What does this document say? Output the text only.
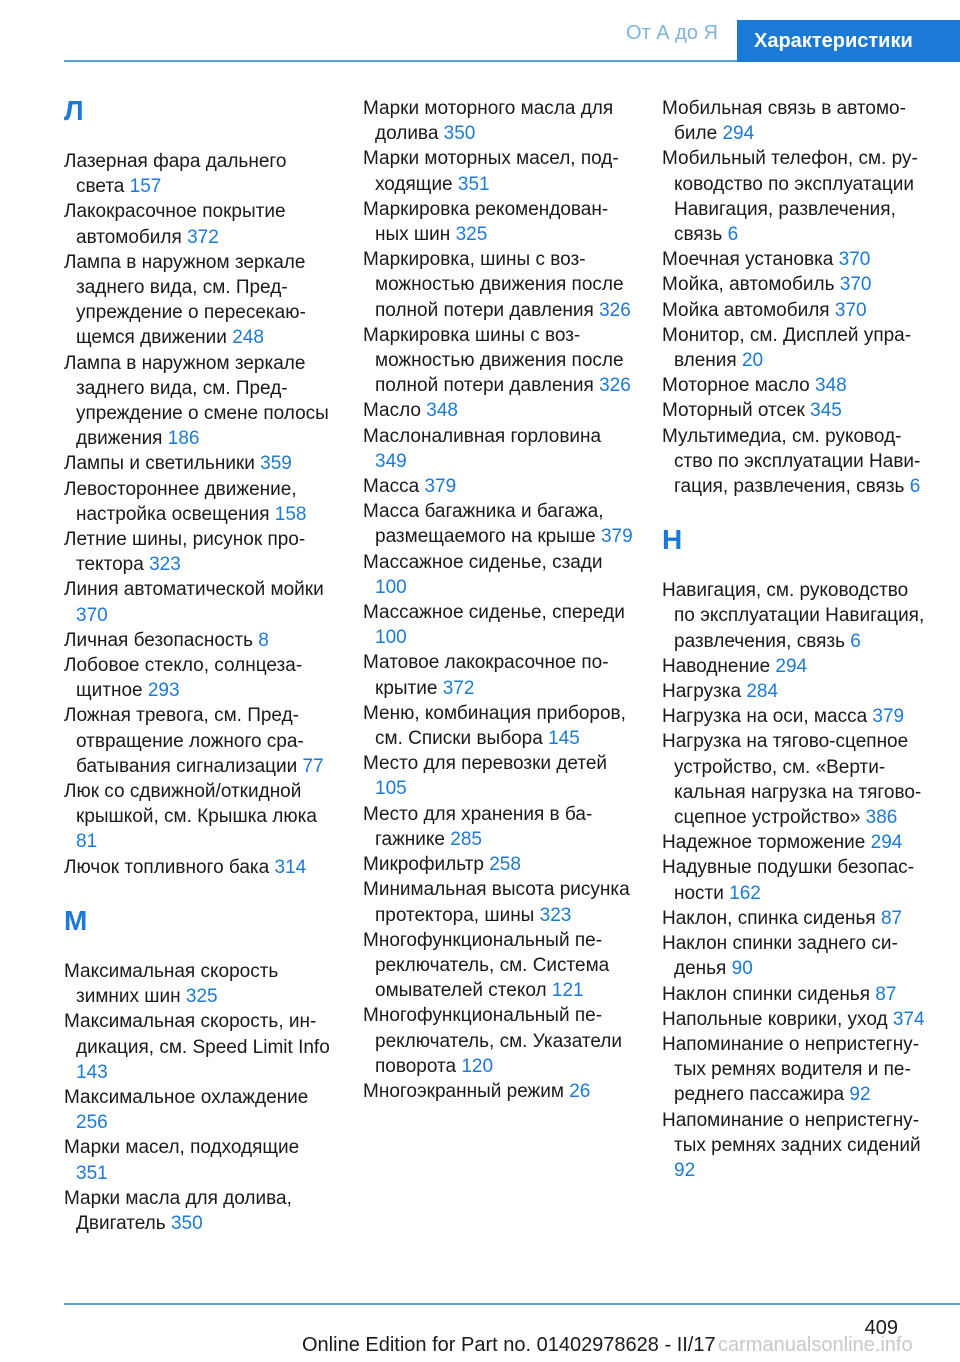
От А до Я Характеристики
Л
Лазерная фара дальнего света 157
Лакокрасочное покрытие автомобиля 372
Лампа в наружном зеркале заднего вида, см. Предупреждение о пересекающемся движении 248
Лампа в наружном зеркале заднего вида, см. Предупреждение о смене полосы движения 186
Лампы и светильники 359
Левостороннее движение, настройка освещения 158
Летние шины, рисунок протектора 323
Линия автоматической мойки 370
Личная безопасность 8
Лобовое стекло, солнцезащитное 293
Ложная тревога, см. Предотвращение ложного срабатывания сигнализации 77
Люк со сдвижной/откидной крышкой, см. Крышка люка 81
Лючок топливного бака 314
М
Максимальная скорость зимних шин 325
Максимальная скорость, индикация, см. Speed Limit Info 143
Максимальное охлаждение 256
Марки масел, подходящие 351
Марки масла для долива, Двигатель 350
Марки моторного масла для долива 350
Марки моторных масел, подходящие 351
Маркировка рекомендованных шин 325
Маркировка, шины с возможностью движения после полной потери давления 326
Маркировка шины с возможностью движения после полной потери давления 326
Масло 348
Маслоналивная горловина 349
Масса 379
Масса багажника и багажа, размещаемого на крыше 379
Массажное сиденье, сзади 100
Массажное сиденье, спереди 100
Матовое лакокрасочное покрытие 372
Меню, комбинация приборов, см. Списки выбора 145
Место для перевозки детей 105
Место для хранения в багажнике 285
Микрофильтр 258
Минимальная высота рисунка протектора, шины 323
Многофункциональный переключатель, см. Система омывателей стекол 121
Многофункциональный переключатель, см. Указатели поворота 120
Многоэкранный режим 26
Мобильная связь в автомобиле 294
Мобильный телефон, см. руководство по эксплуатации Навигация, развлечения, связь 6
Моечная установка 370
Мойка, автомобиль 370
Мойка автомобиля 370
Монитор, см. Дисплей управления 20
Моторное масло 348
Моторный отсек 345
Мультимедиа, см. руководство по эксплуатации Навигация, развлечения, связь 6
Н
Навигация, см. руководство по эксплуатации Навигация, развлечения, связь 6
Наводнение 294
Нагрузка 284
Нагрузка на оси, масса 379
Нагрузка на тягово-сцепное устройство, см. «Вертикальная нагрузка на тягово-сцепное устройство» 386
Надежное торможение 294
Надувные подушки безопасности 162
Наклон, спинка сиденья 87
Наклон спинки заднего сиденья 90
Наклон спинки сиденья 87
Напольные коврики, уход 374
Напоминание о непристегнутых ремнях водителя и переднего пассажира 92
Напоминание о непристегнутых ремнях задних сидений 92
409
Online Edition for Part no. 01402978628 - II/17 carmanualsonline.info
